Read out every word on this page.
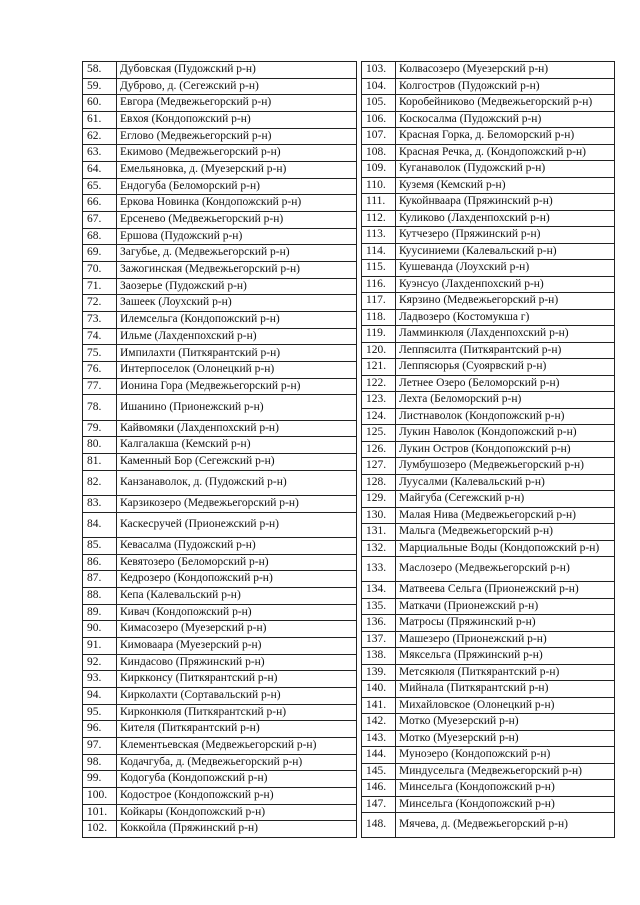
58.	Дубовская (Пудожский р-н)
59.	Дуброво, д. (Сегежский р-н)
60.	Евгора (Медвежьегорский р-н)
61.	Евхоя (Кондопожский р-н)
62.	Еглово (Медвежьегорский р-н)
63.	Екимово (Медвежьегорский р-н)
64.	Емельяновка, д. (Муезерский р-н)
65.	Ендогуба (Беломорский р-н)
66.	Еркова Новинка (Кондопожский р-н)
67.	Ерсенево (Медвежьегорский р-н)
68.	Ершова (Пудожский р-н)
69.	Загубье, д. (Медвежьегорский р-н)
70.	Зажогинская (Медвежьегорский р-н)
71.	Заозерье (Пудожский р-н)
72.	Зашеек (Лоухский р-н)
73.	Илемсельга (Кондопожский р-н)
74.	Ильме (Лахденпохский р-н)
75.	Импилахти (Питкярантский р-н)
76.	Интерпоселок (Олонецкий р-н)
77.	Ионина Гора (Медвежьегорский р-н)
78.	Ишанино (Прионежский р-н)
79.	Кайвомяки (Лахденпохский р-н)
80.	Калгалакша (Кемский р-н)
81.	Каменный Бор (Сегежский р-н)
82.	Канзанаволок, д. (Пудожский р-н)
83.	Карзикозеро (Медвежьегорский р-н)
84.	Каскесручей (Прионежский р-н)
85.	Кевасалма (Пудожский р-н)
86.	Кевятозеро (Беломорский р-н)
87.	Кедрозеро (Кондопожский р-н)
88.	Кепа (Калевальский р-н)
89.	Кивач (Кондопожский р-н)
90.	Кимасозеро (Муезерский р-н)
91.	Кимоваара (Муезерский р-н)
92.	Киндасово (Пряжинский р-н)
93.	Киркконсу (Питкярантский р-н)
94.	Кирколахти (Сортавальский р-н)
95.	Кирконкюля (Питкярантский р-н)
96.	Кителя (Питкярантский р-н)
97.	Клементьевская (Медвежьегорский р-н)
98.	Кодачгуба, д. (Медвежьегорский р-н)
99.	Кодогуба (Кондопожский р-н)
100.	Кодострое (Кондопожский р-н)
101.	Койкары (Кондопожский р-н)
102.	Коккойла (Пряжинский р-н)
103.	Колвасозеро (Муезерский р-н)
104.	Колгостров (Пудожский р-н)
105.	Коробейниково (Медвежьегорский р-н)
106.	Коскосалма (Пудожский р-н)
107.	Красная Горка, д. Беломорский р-н)
108.	Красная Речка, д. (Кондопожский р-н)
109.	Куганаволок (Пудожский р-н)
110.	Куземя (Кемский р-н)
111.	Кукойнваара (Пряжинский р-н)
112.	Куликово (Лахденпохский р-н)
113.	Кутчезеро (Пряжинский р-н)
114.	Куусиниеми (Калевальский р-н)
115.	Кушеванда (Лоухский р-н)
116.	Куэнсуо (Лахденпохский р-н)
117.	Кярзино (Медвежьегорский р-н)
118.	Ладвозеро (Костомукша г)
119.	Ламминкюля (Лахденпохский р-н)
120.	Леппясилта (Питкярантский р-н)
121.	Леппясюрья (Суоярвский р-н)
122.	Летнее Озеро (Беломорский р-н)
123.	Лехта (Беломорский р-н)
124.	Листнаволок (Кондопожский р-н)
125.	Лукин Наволок (Кондопожский р-н)
126.	Лукин Остров (Кондопожский р-н)
127.	Лумбушозеро (Медвежьегорский р-н)
128.	Луусалми (Калевальский р-н)
129.	Майгуба (Сегежский р-н)
130.	Малая Нива (Медвежьегорский р-н)
131.	Мальга (Медвежьегорский р-н)
132.	Марциальные Воды (Кондопожский р-н)
133.	Маслозеро (Медвежьегорский р-н)
134.	Матвеева Сельга (Прионежский р-н)
135.	Маткачи (Прионежский р-н)
136.	Матросы (Пряжинский р-н)
137.	Машезеро (Прионежский р-н)
138.	Мяксельга (Пряжинский р-н)
139.	Метсякюля (Питкярантский р-н)
140.	Мийнала (Питкярантский р-н)
141.	Михайловское (Олонецкий р-н)
142.	Мотко (Муезерский р-н)
143.	Мотко (Муезерский р-н)
144.	Муноэеро (Кондопожский р-н)
145.	Миндусельга (Медвежьегорский р-н)
146.	Минсельга (Кондопожский р-н)
147.	Минсельга (Кондопожский р-н)
148.	Мячева, д. (Медвежьегорский р-н)
